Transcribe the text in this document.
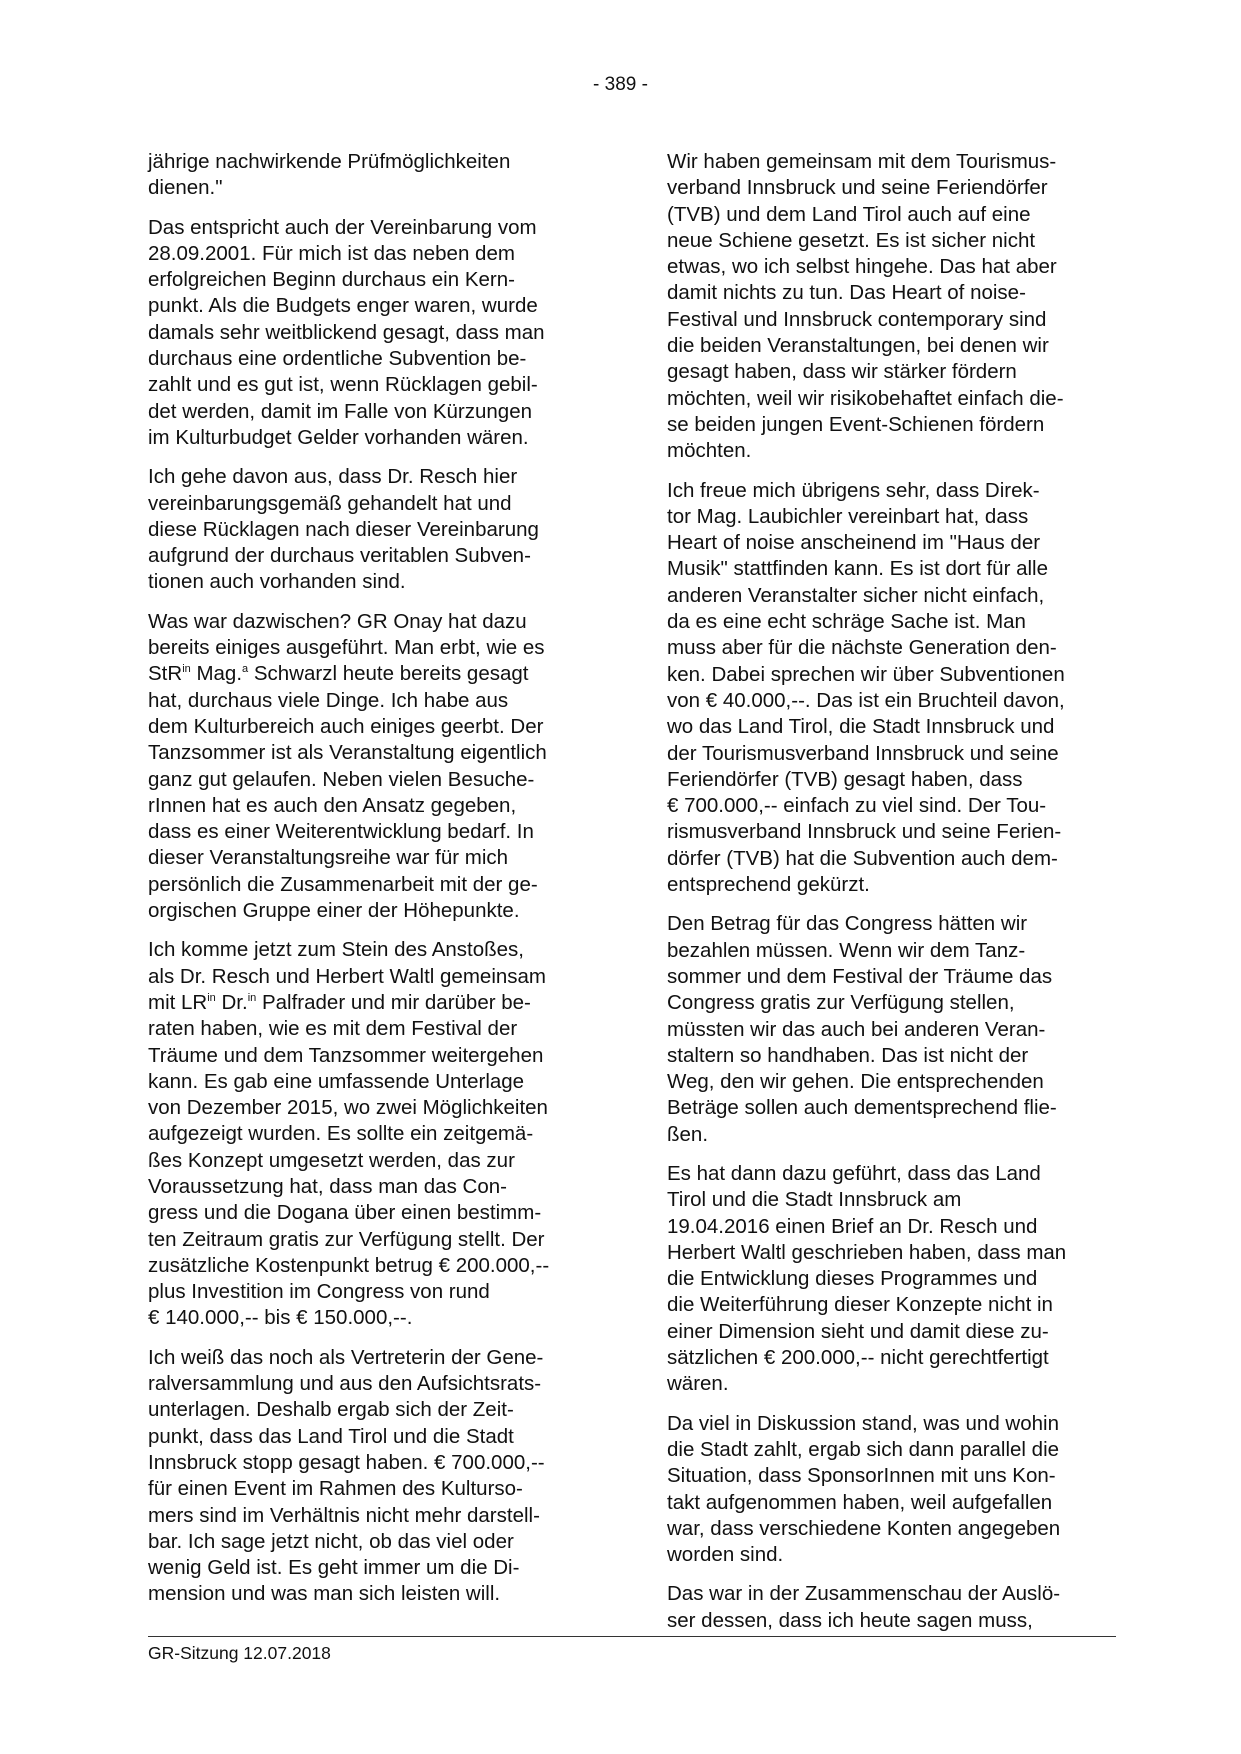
- 389 -

jährige nachwirkende Prüfmöglichkeiten
dienen."

Das entspricht auch der Vereinbarung vom
28.09.2001. Für mich ist das neben dem
erfolgreichen Beginn durchaus ein Kern-
punkt. Als die Budgets enger waren, wurde
damals sehr weitblickend gesagt, dass man
durchaus eine ordentliche Subvention be-
zahlt und es gut ist, wenn Rücklagen gebil-
det werden, damit im Falle von Kürzungen
im Kulturbudget Gelder vorhanden wären.

Ich gehe davon aus, dass Dr. Resch hier
vereinbarungsgemäß gehandelt hat und
diese Rücklagen nach dieser Vereinbarung
aufgrund der durchaus veritablen Subven-
tionen auch vorhanden sind.

Was war dazwischen? GR Onay hat dazu
bereits einiges ausgeführt. Man erbt, wie es
StR$^{in}$ Mag.$^a$ Schwarzl heute bereits gesagt
hat, durchaus viele Dinge. Ich habe aus
dem Kulturbereich auch einiges geerbt. Der
Tanzsommer ist als Veranstaltung eigentlich
ganz gut gelaufen. Neben vielen Besuche-
rInnen hat es auch den Ansatz gegeben,
dass es einer Weiterentwicklung bedarf. In
dieser Veranstaltungsreihe war für mich
persönlich die Zusammenarbeit mit der ge-
orgischen Gruppe einer der Höhepunkte.

Ich komme jetzt zum Stein des Anstoßes,
als Dr. Resch und Herbert Waltl gemeinsam
mit $LR^{in}$ Dr.$^{in}$ Palfrader und mir darüber be-
raten haben, wie es mit dem Festival der
Träume und dem Tanzsommer weitergehen
kann. Es gab eine umfassende Unterlage
von Dezember 2015, wo zwei Möglichkeiten
aufgezeigt wurden. Es sollte ein zeitgemä-
ßes Konzept umgesetzt werden, das zur
Voraussetzung hat, dass man das Con-
gress und die Dogana über einen bestimm-
ten Zeitraum gratis zur Verfügung stellt. Der
zusätzliche Kostenpunkt betrug € 200.000,--
plus Investition im Congress von rund
€ 140.000,-- bis € 150.000,--.

Ich weiß das noch als Vertreterin der Gene-
ralversammlung und aus den Aufsichtsrats-
unterlagen. Deshalb ergab sich der Zeit-
punkt, dass das Land Tirol und die Stadt
Innsbruck stopp gesagt haben. € 700.000,--
für einen Event im Rahmen des Kulturso-
mers sind im Verhältnis nicht mehr darstell-
bar. Ich sage jetzt nicht, ob das viel oder
wenig Geld ist. Es geht immer um die Di-
mension und was man sich leisten will.

Wir haben gemeinsam mit dem Tourismus-
verband Innsbruck und seine Feriendörfer
(TVB) und dem Land Tirol auch auf eine
neue Schiene gesetzt. Es ist sicher nicht
etwas, wo ich selbst hingehe. Das hat aber
damit nichts zu tun. Das Heart of noise-
Festival und Innsbruck contemporary sind
die beiden Veranstaltungen, bei denen wir
gesagt haben, dass wir stärker fördern
möchten, weil wir risikobehaftet einfach die-
se beiden jungen Event-Schienen fördern
möchten.

Ich freue mich übrigens sehr, dass Direk-
tor Mag. Laubichler vereinbart hat, dass
Heart of noise anscheinend im "Haus der
Musik" stattfinden kann. Es ist dort für alle
anderen Veranstalter sicher nicht einfach,
da es eine echt schräge Sache ist. Man
muss aber für die nächste Generation den-
ken. Dabei sprechen wir über Subventionen
von € 40.000,--. Das ist ein Bruchteil davon,
wo das Land Tirol, die Stadt Innsbruck und
der Tourismusverband Innsbruck und seine
Feriendörfer (TVB) gesagt haben, dass
€ 700.000,-- einfach zu viel sind. Der Tou-
rismusverband Innsbruck und seine Ferien-
dörfer (TVB) hat die Subvention auch dem-
entsprechend gekürzt.

Den Betrag für das Congress hätten wir
bezahlen müssen. Wenn wir dem Tanz-
sommer und dem Festival der Träume das
Congress gratis zur Verfügung stellen,
müssten wir das auch bei anderen Veran-
staltern so handhaben. Das ist nicht der
Weg, den wir gehen. Die entsprechenden
Beträge sollen auch dementsprechend flie-
ßen.

Es hat dann dazu geführt, dass das Land
Tirol und die Stadt Innsbruck am
19.04.2016 einen Brief an Dr. Resch und
Herbert Waltl geschrieben haben, dass man
die Entwicklung dieses Programmes und
die Weiterführung dieser Konzepte nicht in
einer Dimension sieht und damit diese zu-
sätzlichen € 200.000,-- nicht gerechtfertigt
wären.

Da viel in Diskussion stand, was und wohin
die Stadt zahlt, ergab sich dann parallel die
Situation, dass SponsorInnen mit uns Kon-
takt aufgenommen haben, weil aufgefallen
war, dass verschiedene Konten angegeben
worden sind.

Das war in der Zusammenschau der Auslö-
ser dessen, dass ich heute sagen muss,

GR-Sitzung 12.07.2018
